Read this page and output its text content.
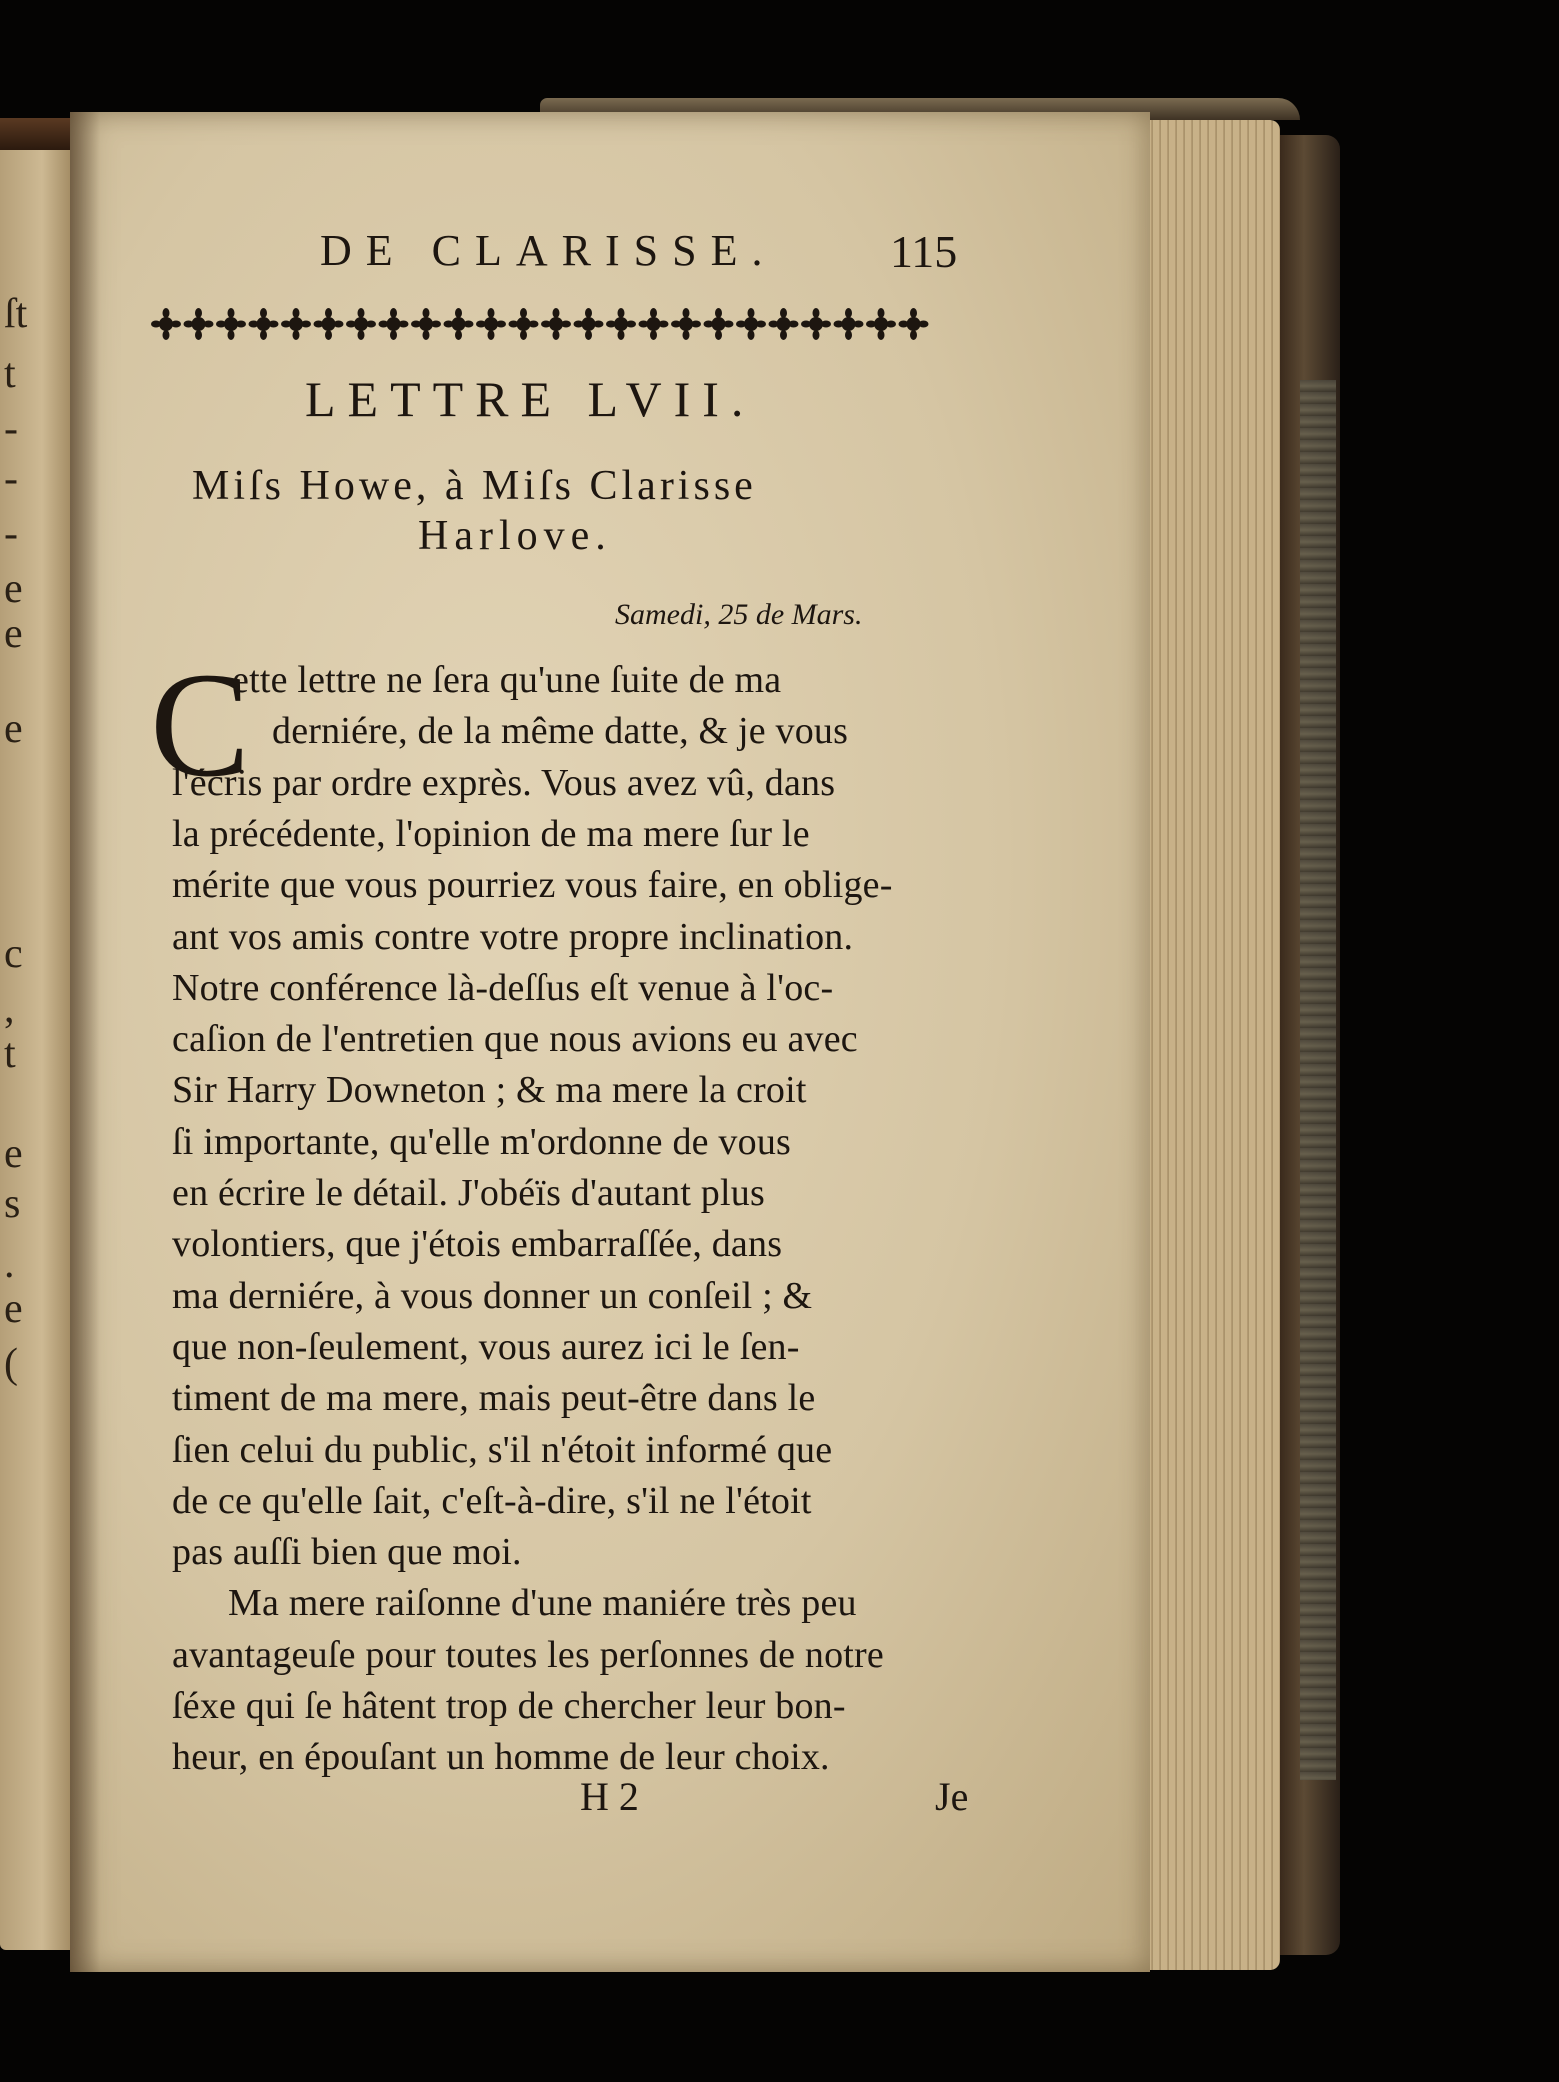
ſt
t
-
-
-
e
e
e
c
,
t
e
s
.
e
(
DE CLARISSE. 115
LETTRE LVII.
Miſs Howe, à Miſs Clarisse
Harlove.
Samedi, 25 de Mars.
C
ette lettre ne ſera qu'une ſuite de ma
derniére, de la même datte, & je vous
l'écris par ordre exprès. Vous avez vû, dans
la précédente, l'opinion de ma mere ſur le
mérite que vous pourriez vous faire, en oblige-
ant vos amis contre votre propre inclination.
Notre conférence là-deſſus eſt venue à l'oc-
caſion de l'entretien que nous avions eu avec
Sir Harry Downeton ; & ma mere la croit
ſi importante, qu'elle m'ordonne de vous
en écrire le détail. J'obéïs d'autant plus
volontiers, que j'étois embarraſſée, dans
ma derniére, à vous donner un conſeil ; &
que non-ſeulement, vous aurez ici le ſen-
timent de ma mere, mais peut-être dans le
ſien celui du public, s'il n'étoit informé que
de ce qu'elle ſait, c'eſt-à-dire, s'il ne l'étoit
pas auſſi bien que moi.
Ma mere raiſonne d'une maniére très peu
avantageuſe pour toutes les perſonnes de notre
ſéxe qui ſe hâtent trop de chercher leur bon-
heur, en épouſant un homme de leur choix.
H 2	Je
